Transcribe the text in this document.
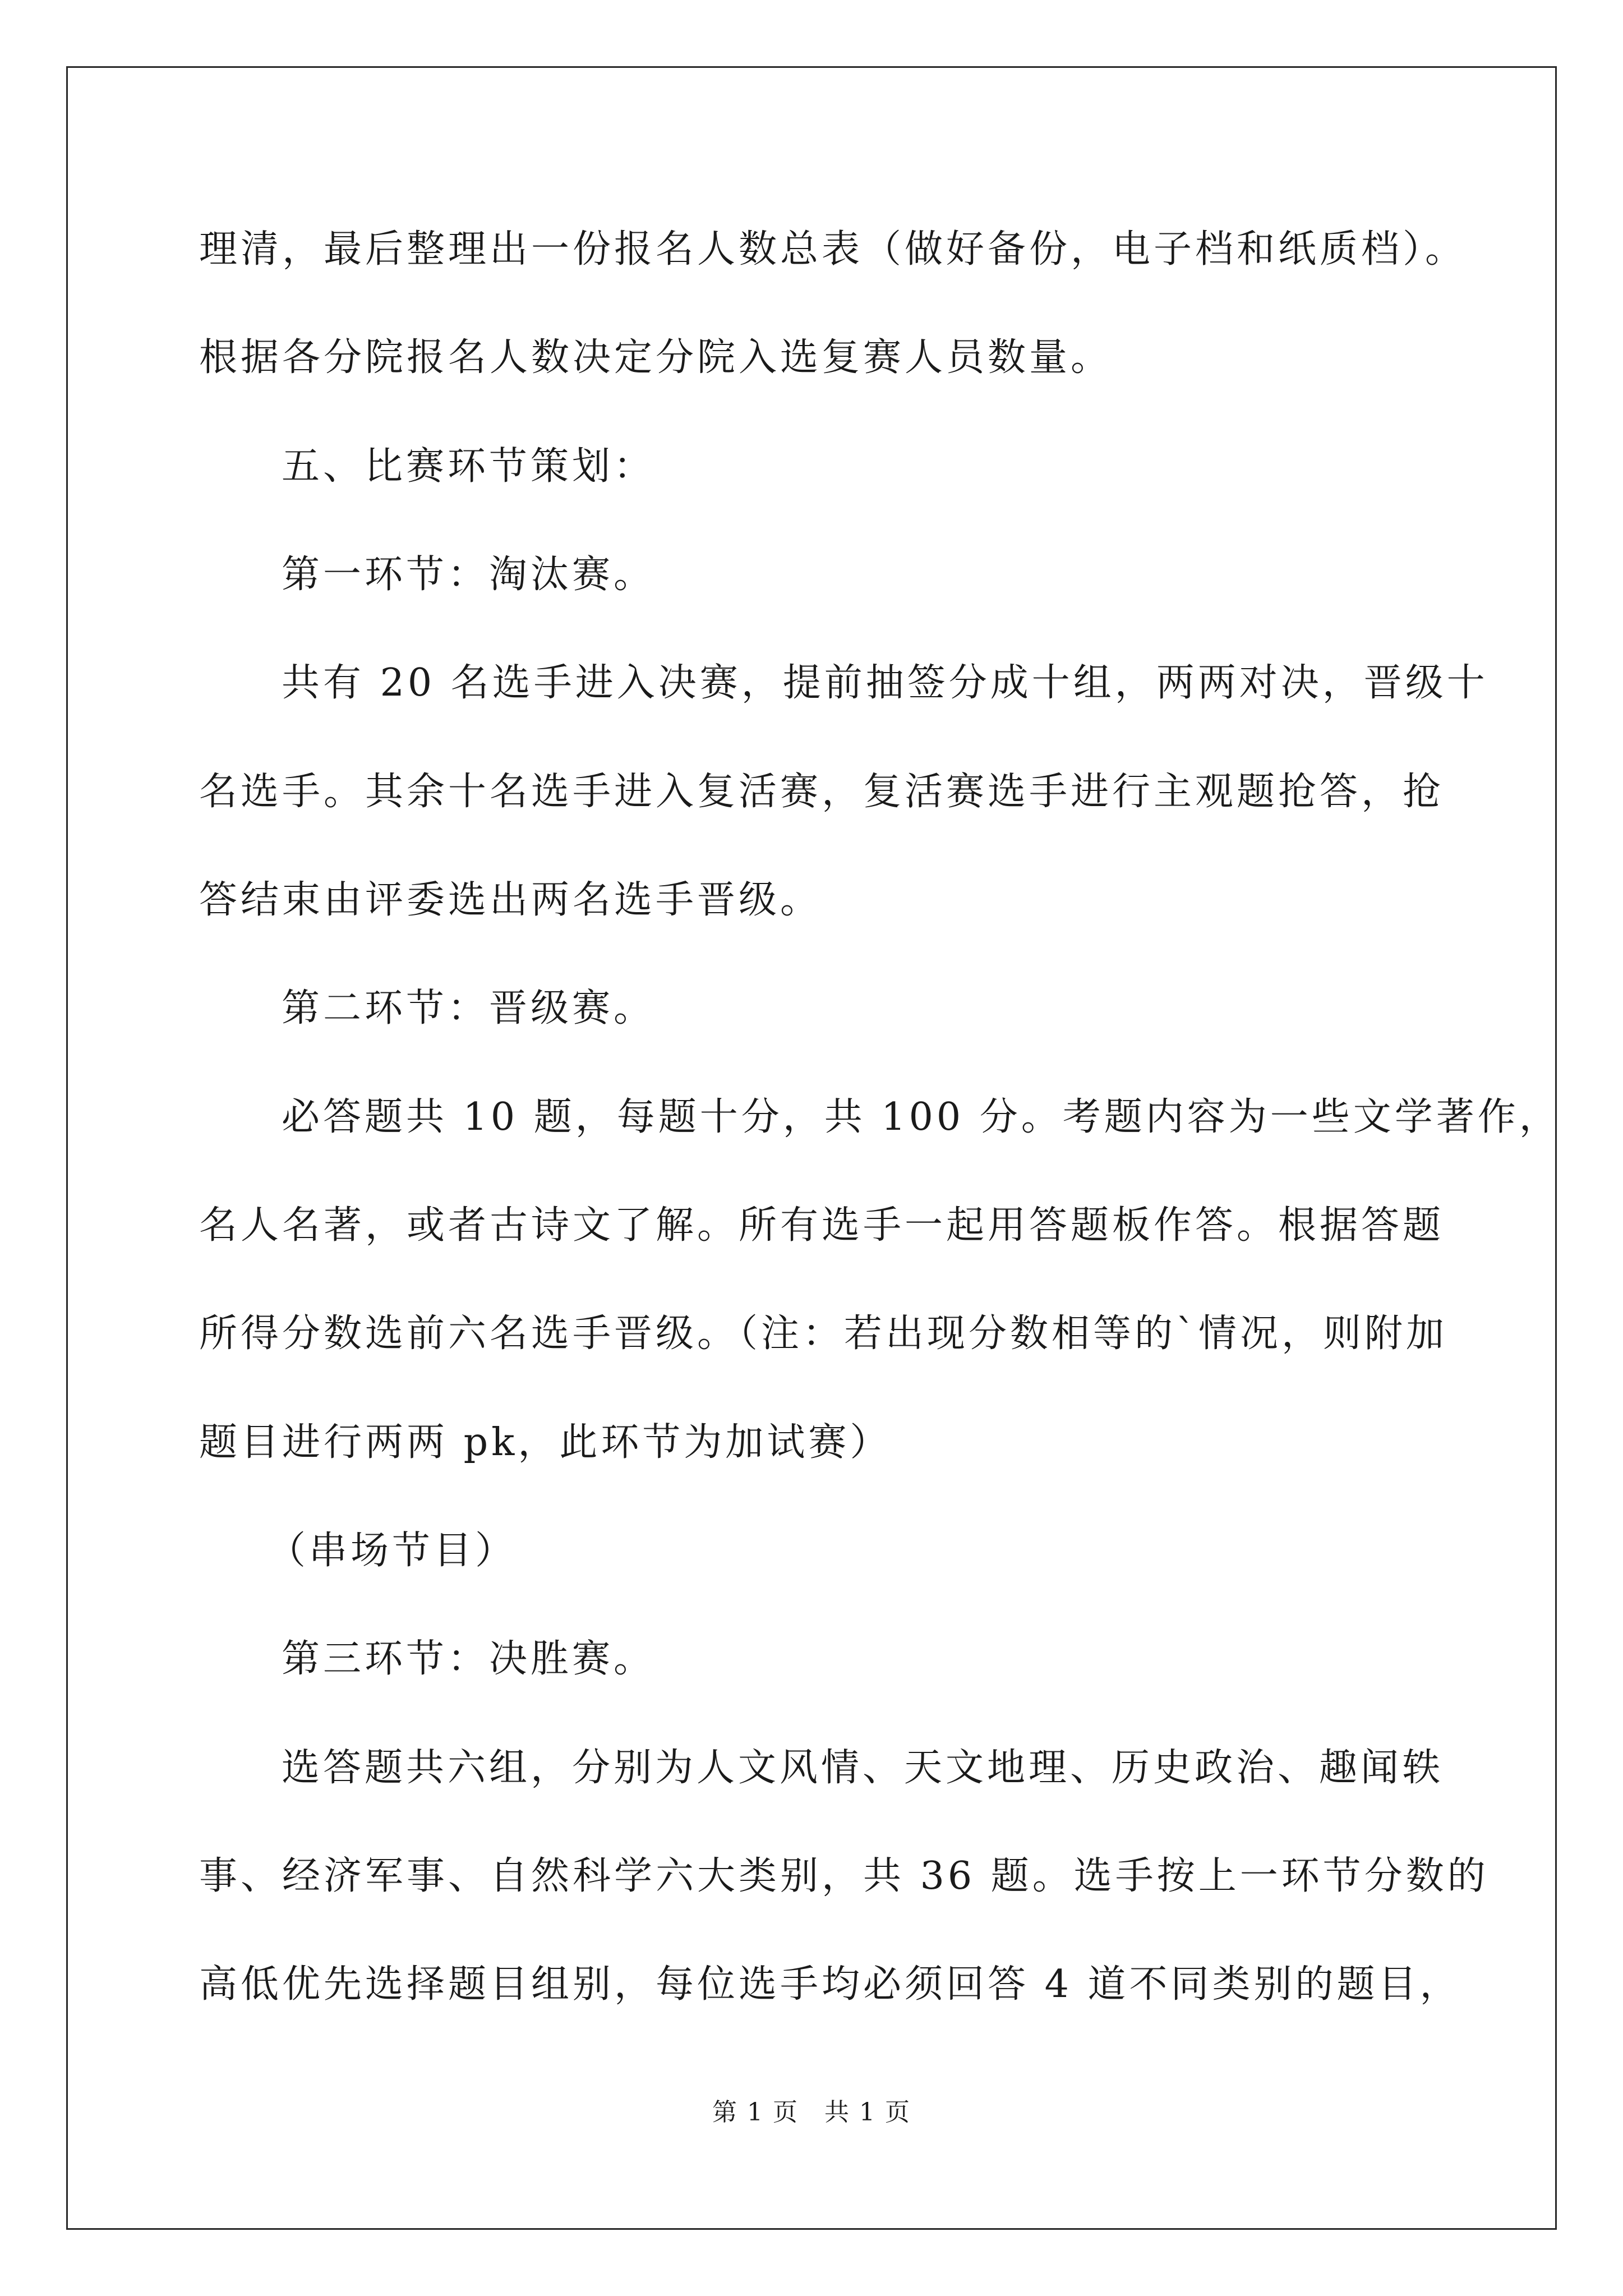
理清，最后整理出一份报名人数总表（做好备份，电子档和纸质档）。
根据各分院报名人数决定分院入选复赛人员数量。
五、比赛环节策划：
第一环节：淘汰赛。
共有 20 名选手进入决赛，提前抽签分成十组，两两对决，晋级十
名选手。其余十名选手进入复活赛，复活赛选手进行主观题抢答，抢
答结束由评委选出两名选手晋级。
第二环节：晋级赛。
必答题共 10 题，每题十分，共 100 分。考题内容为一些文学著作，
名人名著，或者古诗文了解。所有选手一起用答题板作答。根据答题
所得分数选前六名选手晋级。（注：若出现分数相等的`情况，则附加
题目进行两两 pk，此环节为加试赛）
（串场节目）
第三环节：决胜赛。
选答题共六组，分别为人文风情、天文地理、历史政治、趣闻轶
事、经济军事、自然科学六大类别，共 36 题。选手按上一环节分数的
高低优先选择题目组别，每位选手均必须回答 4 道不同类别的题目，
第 1 页　共 1 页
